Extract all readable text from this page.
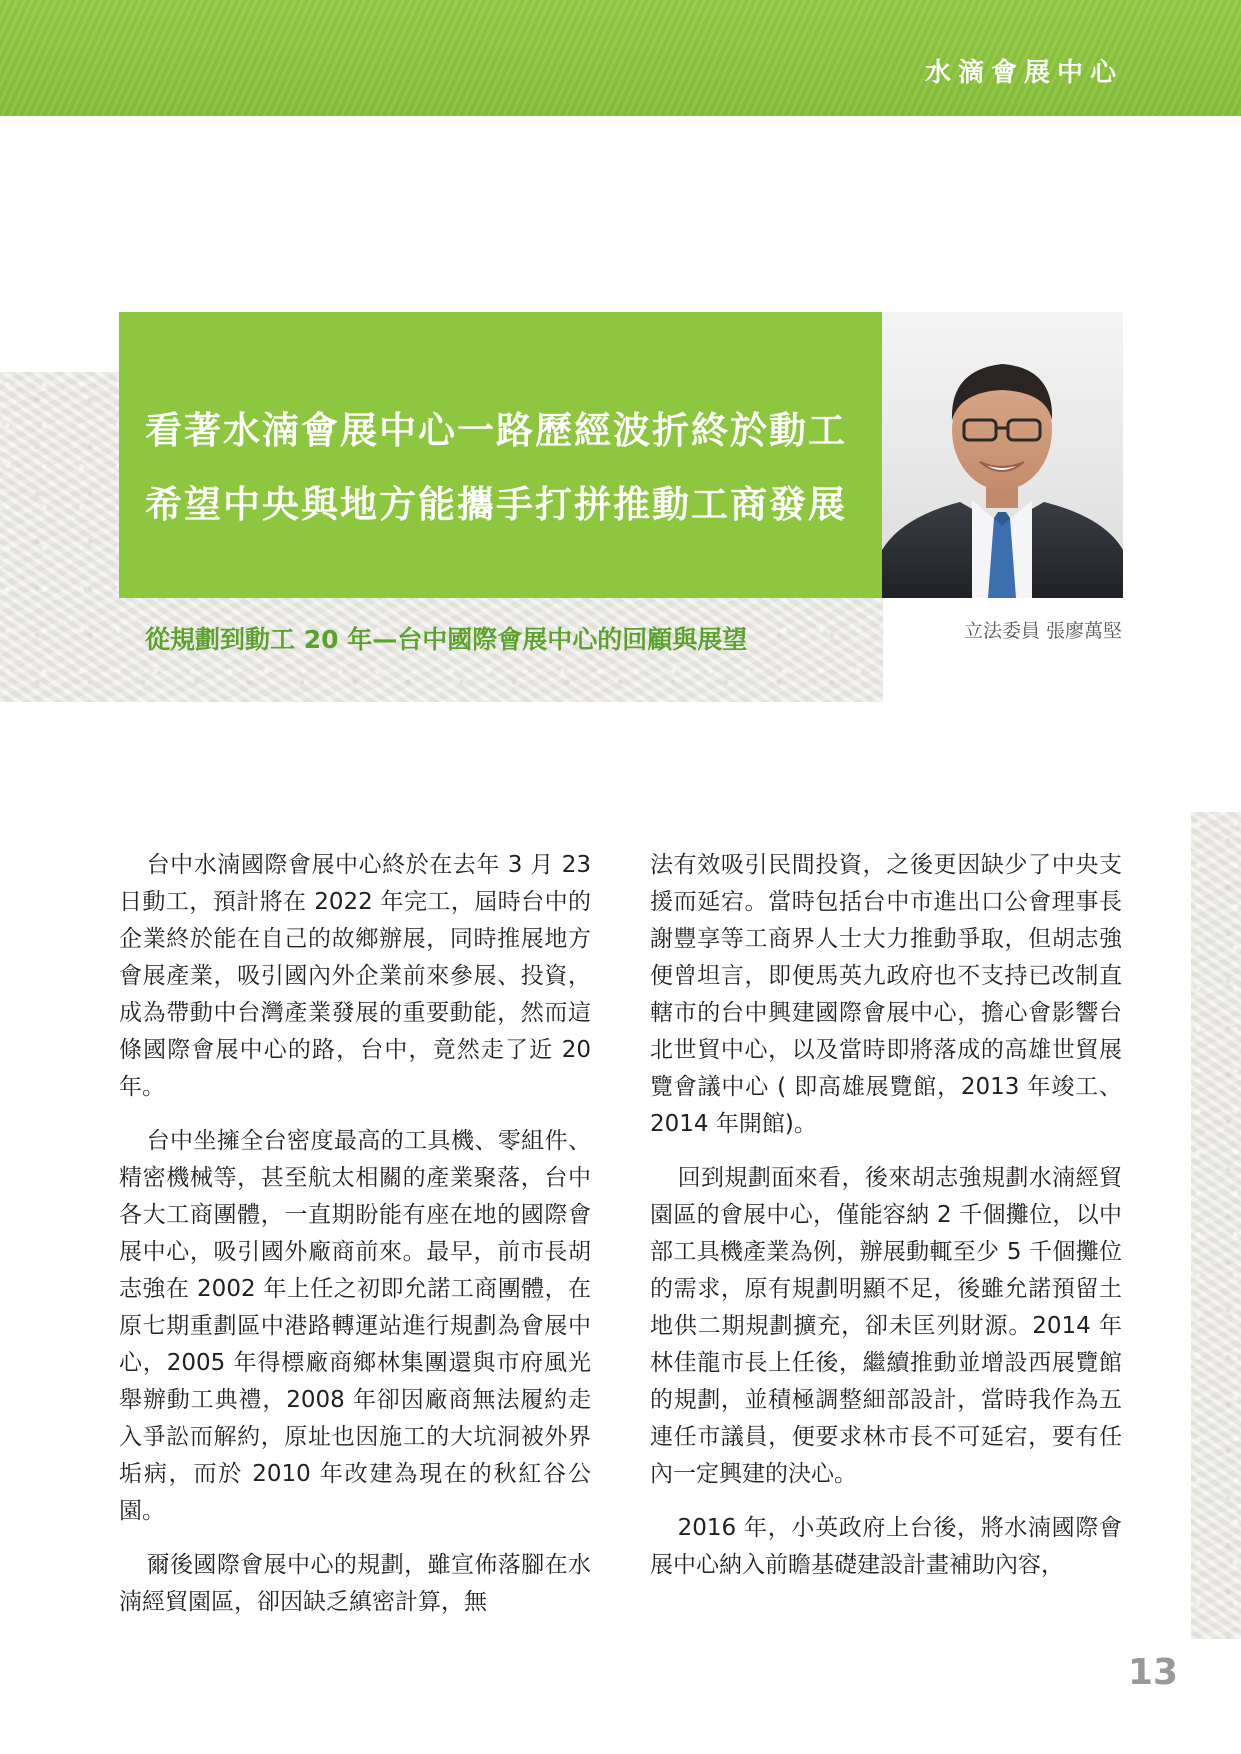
水滴會展中心
看著水湳會展中心一路歷經波折終於動工
希望中央與地方能攜手打拼推動工商發展
從規劃到動工 20 年—台中國際會展中心的回顧與展望	立法委員 張廖萬堅

台中水湳國際會展中心終於在去年 3 月 23 日動工，預計將在 2022 年完工，屆時台中的企業終於能在自己的故鄉辦展，同時推展地方會展產業，吸引國內外企業前來參展、投資，成為帶動中台灣產業發展的重要動能，然而這條國際會展中心的路，台中，竟然走了近 20 年。

台中坐擁全台密度最高的工具機、零組件、精密機械等，甚至航太相關的產業聚落，台中各大工商團體，一直期盼能有座在地的國際會展中心，吸引國外廠商前來。最早，前市長胡志強在 2002 年上任之初即允諾工商團體，在原七期重劃區中港路轉運站進行規劃為會展中心，2005 年得標廠商鄉林集團還與市府風光舉辦動工典禮，2008 年卻因廠商無法履約走入爭訟而解約，原址也因施工的大坑洞被外界垢病，而於 2010 年改建為現在的秋紅谷公園。

爾後國際會展中心的規劃，雖宣佈落腳在水湳經貿園區，卻因缺乏縝密計算，無

法有效吸引民間投資，之後更因缺少了中央支援而延宕。當時包括台中市進出口公會理事長謝豐享等工商界人士大力推動爭取，但胡志強便曾坦言，即便馬英九政府也不支持已改制直轄市的台中興建國際會展中心，擔心會影響台北世貿中心，以及當時即將落成的高雄世貿展覽會議中心 ( 即高雄展覽館，2013 年竣工、2014 年開館)。

回到規劃面來看，後來胡志強規劃水湳經貿園區的會展中心，僅能容納 2 千個攤位，以中部工具機產業為例，辦展動輒至少 5 千個攤位的需求，原有規劃明顯不足，後雖允諾預留土地供二期規劃擴充，卻未匡列財源。2014 年林佳龍市長上任後，繼續推動並增設西展覽館的規劃，並積極調整細部設計，當時我作為五連任市議員，便要求林市長不可延宕，要有任內一定興建的決心。

2016 年，小英政府上台後，將水湳國際會展中心納入前瞻基礎建設計畫補助內容，

13
